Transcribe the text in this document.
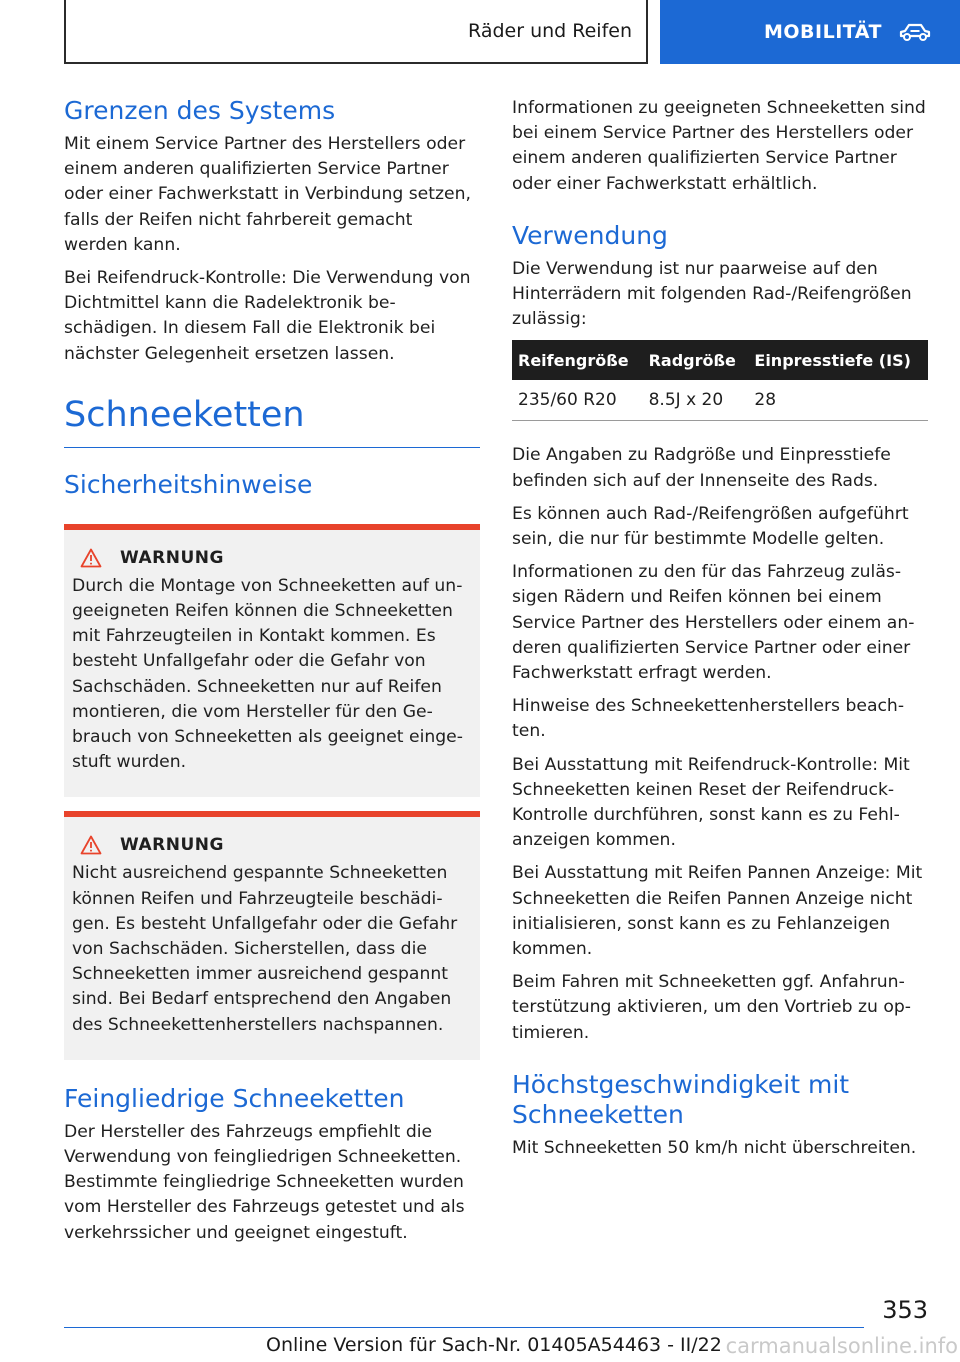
Räder und Reifen	MOBILITÄT
Grenzen des Systems

Mit einem Service Partner des Herstellers oder einem anderen qualifizierten Service Partner oder einer Fachwerkstatt in Verbindung setzen, falls der Reifen nicht fahrbereit gemacht werden kann.

Bei Reifendruck-Kontrolle: Die Verwendung von Dichtmittel kann die Radelektronik beschädigen. In diesem Fall die Elektronik bei nächster Gelegenheit ersetzen lassen.

Schneeketten
Sicherheitshinweise
WARNUNG

Durch die Montage von Schneeketten auf ungeeigneten Reifen können die Schneeketten mit Fahrzeugteilen in Kontakt kommen. Es besteht Unfallgefahr oder die Gefahr von Sachschäden. Schneeketten nur auf Reifen montieren, die vom Hersteller für den Gebrauch von Schneeketten als geeignet eingestuft wurden.

WARNUNG

Nicht ausreichend gespannte Schneeketten können Reifen und Fahrzeugteile beschädigen. Es besteht Unfallgefahr oder die Gefahr von Sachschäden. Sicherstellen, dass die Schneeketten immer ausreichend gespannt sind. Bei Bedarf entsprechend den Angaben des Schneekettenherstellers nachspannen.

Feingliedrige Schneeketten

Der Hersteller des Fahrzeugs empfiehlt die Verwendung von feingliedrigen Schneeketten. Bestimmte feingliedrige Schneeketten wurden vom Hersteller des Fahrzeugs getestet und als verkehrssicher und geeignet eingestuft.

Informationen zu geeigneten Schneeketten sind bei einem Service Partner des Herstellers oder einem anderen qualifizierten Service Partner oder einer Fachwerkstatt erhältlich.

Verwendung

Die Verwendung ist nur paarweise auf den Hinterrädern mit folgenden Rad-/Reifengrößen zulässig:

Reifengröße	Radgröße	Einpresstiefe (IS)
235/60 R20	8.5J x 20	28

Die Angaben zu Radgröße und Einpresstiefe befinden sich auf der Innenseite des Rads.

Es können auch Rad-/Reifengrößen aufgeführt sein, die nur für bestimmte Modelle gelten.

Informationen zu den für das Fahrzeug zulässigen Rädern und Reifen können bei einem Service Partner des Herstellers oder einem anderen qualifizierten Service Partner oder einer Fachwerkstatt erfragt werden.

Hinweise des Schneekettenherstellers beachten.

Bei Ausstattung mit Reifendruck-Kontrolle: Mit Schneeketten keinen Reset der Reifendruck-Kontrolle durchführen, sonst kann es zu Fehlanzeigen kommen.

Bei Ausstattung mit Reifen Pannen Anzeige: Mit Schneeketten die Reifen Pannen Anzeige nicht initialisieren, sonst kann es zu Fehlanzeigen kommen.

Beim Fahren mit Schneeketten ggf. Anfahrunterstützung aktivieren, um den Vortrieb zu optimieren.

Höchstgeschwindigkeit mit Schneeketten

Mit Schneeketten 50 km/h nicht überschreiten.

353
Online Version für Sach-Nr. 01405A54463 - II/22 carmanualsonline.info
